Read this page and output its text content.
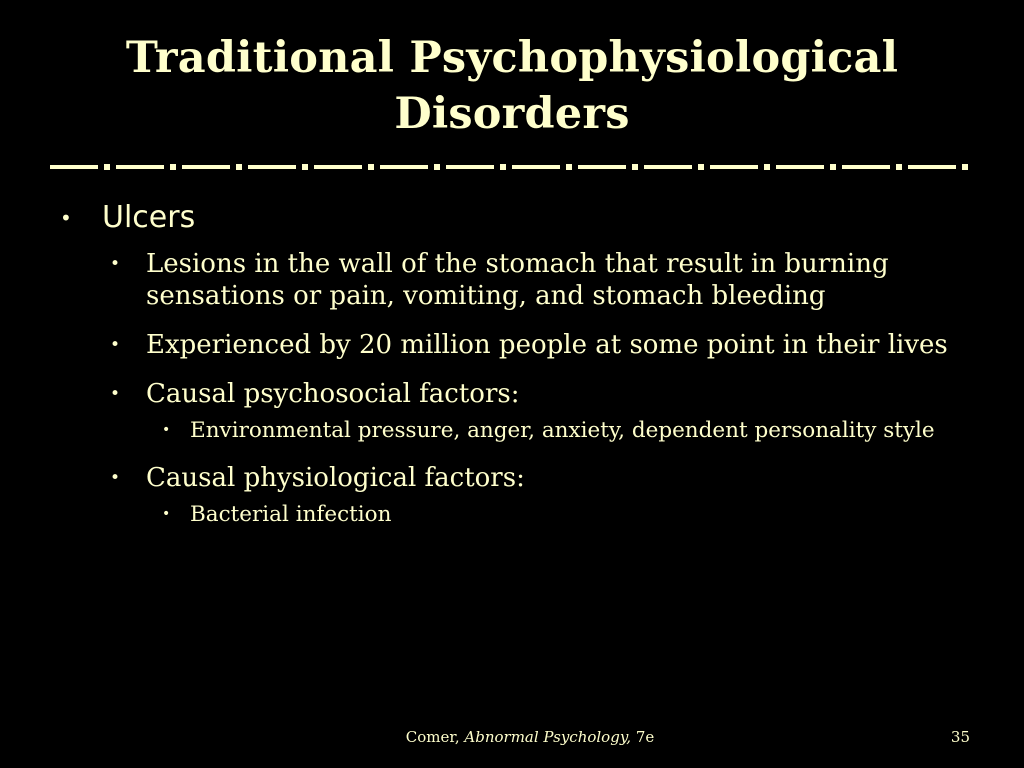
Traditional Psychophysiological
Disorders
• Ulcers
• Lesions in the wall of the stomach that result in burning sensations or pain, vomiting, and stomach bleeding
• Experienced by 20 million people at some point in their lives
• Causal psychosocial factors:
• Environmental pressure, anger, anxiety, dependent personality style
• Causal physiological factors:
• Bacterial infection
Comer, Abnormal Psychology, 7e	35
